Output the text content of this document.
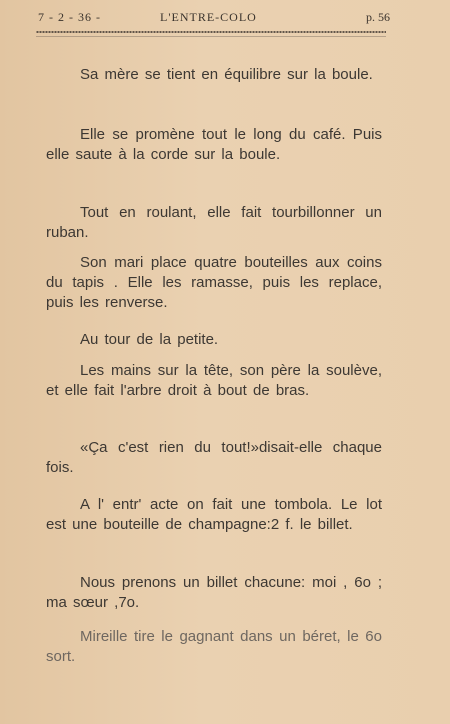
7 - 2 - 36 -	L'ENTRE-COLO	p. 56

Sa mère se tient en équilibre sur la boule.

Elle se promène tout le long du café. Puis elle saute à la corde sur la boule.

Tout en roulant, elle fait tourbillonner un ruban.

Son mari place quatre bouteilles aux coins du tapis . Elle les ramasse, puis les replace, puis les renverse.

Au tour de la petite.

Les mains sur la tête, son père la soulève, et elle fait l'arbre droit à bout de bras.

«Ça c'est rien du tout!»disait-elle chaque fois.

A l' entr' acte on fait une tombola. Le lot est une bouteille de champagne:2 f. le billet.

Nous prenons un billet chacune: moi , 6o ; ma sœur ,7o.

Mireille tire le gagnant dans un béret, le 6o sort.
